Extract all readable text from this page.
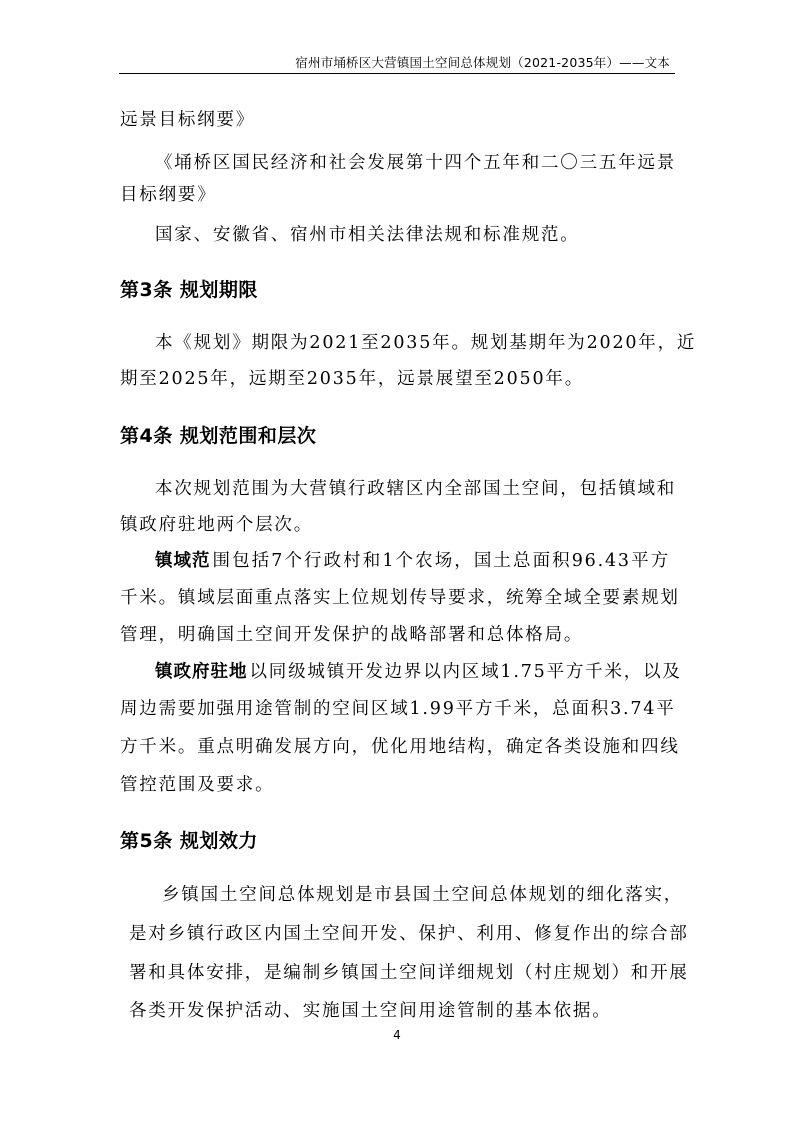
宿州市埇桥区大营镇国土空间总体规划（2021-2035年）——文本
远景目标纲要》
《埇桥区国民经济和社会发展第十四个五年和二〇三五年远景
目标纲要》
国家、安徽省、宿州市相关法律法规和标准规范。
第3条 规划期限
本《规划》期限为2021至2035年。规划基期年为2020年，近
期至2025年，远期至2035年，远景展望至2050年。
第4条 规划范围和层次
本次规划范围为大营镇行政辖区内全部国土空间，包括镇域和
镇政府驻地两个层次。
镇域范 围包括7个行政村和1个农场，国土总面积96.43平方
千米。镇域层面重点落实上位规划传导要求，统筹全域全要素规划
管理，明确国土空间开发保护的战略部署和总体格局。
镇政府驻地 以同级城镇开发边界以内区域1.75平方千米，以及
周边需要加强用途管制的空间区域1.99平方千米，总面积3.74平
方千米。重点明确发展方向，优化用地结构，确定各类设施和四线
管控范围及要求。
第5条 规划效力
乡镇国土空间总体规划是市县国土空间总体规划的细化落实，
是对乡镇行政区内国土空间开发、保护、利用、修复作出的综合部
署和具体安排，是编制乡镇国土空间详细规划（村庄规划）和开展
各类开发保护活动、实施国土空间用途管制的基本依据。
4
